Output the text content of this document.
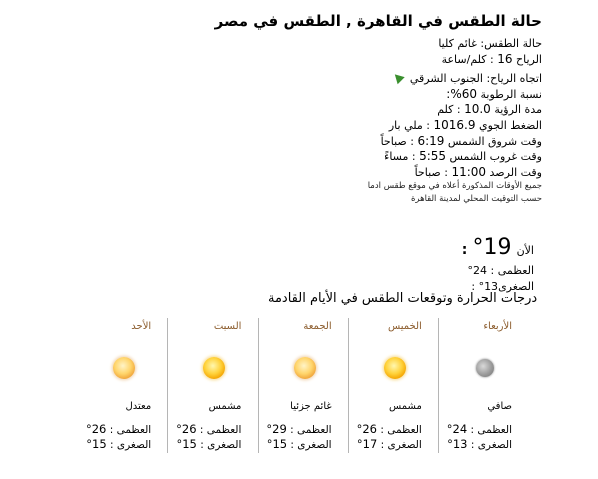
حالة الطقس في القاهرة , الطقس في مصر
حالة الطقس: غائم كليا
الرياح 16 : كلم/ساعة
اتجاه الرياح: الجنوب الشرقي
نسبة الرطوبة 60%:
مدة الرؤية 10.0 : كلم
الضغط الجوي 1016.9 : ملي بار
وقت شروق الشمس 6:19 : صباحاً
وقت غروب الشمس 5:55 : مساءً
وقت الرصد 11:00 : صباحاً
جميع الأوقات المذكورة أعلاه في موقع طقس ادما
حسب التوقيت المحلي لمدينة القاهرة
الأن 19° :
العظمى : 24°
الصغرى13° :
درجات الحرارة وتوقعات الطقس في الأيام القادمة
الأربعاء
صافي
العظمى : 24°
الصغرى : 13°
الخميس
مشمس
العظمى : 26°
الصغرى : 17°
الجمعة
غائم جزئيا
العظمى : 29°
الصغرى : 15°
السبت
مشمس
العظمى : 26°
الصغرى : 15°
الأحد
معتدل
العظمى : 26°
الصغرى : 15°
